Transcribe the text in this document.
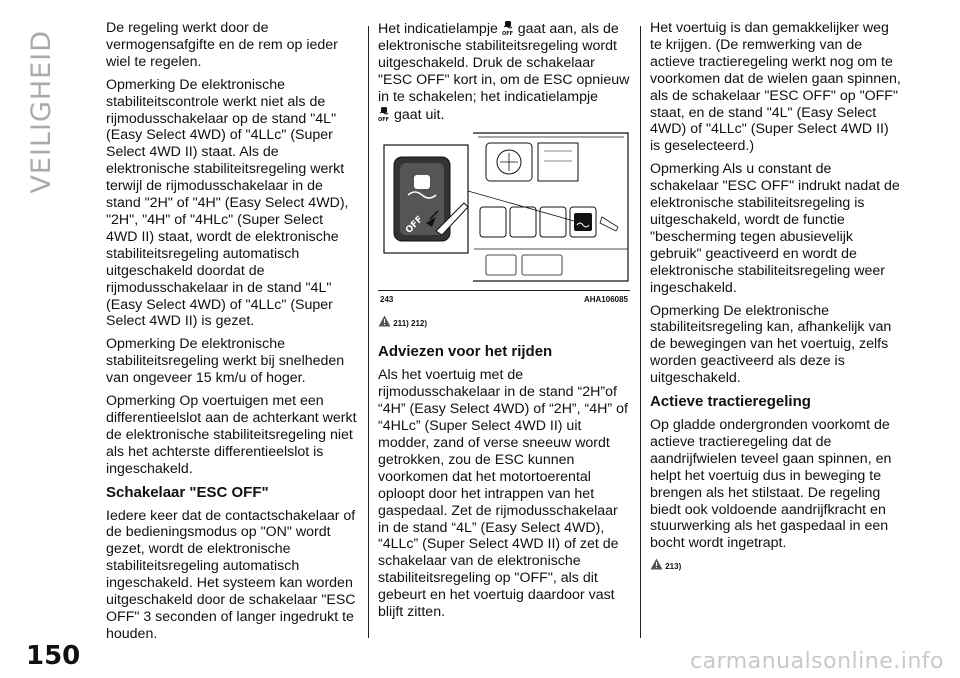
VEILIGHEID
150	carmanualsonline.info

De regeling werkt door de vermogensafgifte en de rem op ieder wiel te regelen.

Opmerking De elektronische stabiliteitscontrole werkt niet als de rijmodusschakelaar op de stand "4L" (Easy Select 4WD) of "4LLc" (Super Select 4WD II) staat. Als de elektronische stabiliteitsregeling werkt terwijl de rijmodusschakelaar in de stand "2H" of "4H" (Easy Select 4WD), "2H", "4H" of "4HLc" (Super Select 4WD II) staat, wordt de elektronische stabiliteitsregeling automatisch uitgeschakeld doordat de rijmodusschakelaar in de stand "4L" (Easy Select 4WD) of "4LLc" (Super Select 4WD II) is gezet.

Opmerking De elektronische stabiliteitsregeling werkt bij snelheden van ongeveer 15 km/u of hoger.

Opmerking Op voertuigen met een differentieelslot aan de achterkant werkt de elektronische stabiliteitsregeling niet als het achterste differentieelslot is ingeschakeld.

Schakelaar "ESC OFF"

Iedere keer dat de contactschakelaar of de bedieningsmodus op "ON" wordt gezet, wordt de elektronische stabiliteitsregeling automatisch ingeschakeld. Het systeem kan worden uitgeschakeld door de schakelaar "ESC OFF" 3 seconden of langer ingedrukt te houden.

Het indicatielampje OFF gaat aan, als de elektronische stabiliteitsregeling wordt uitgeschakeld. Druk de schakelaar "ESC OFF" kort in, om de ESC opnieuw in te schakelen; het indicatielampje

OFF gaat uit.

OFF
243	AHA106085
211) 212)
Adviezen voor het rijden

Als het voertuig met de rijmodusschakelaar in de stand “2H”of “4H” (Easy Select 4WD) of “2H”, “4H” of “4HLc” (Super Select 4WD II) uit modder, zand of verse sneeuw wordt getrokken, zou de ESC kunnen voorkomen dat het motortoerental oploopt door het intrappen van het gaspedaal. Zet de rijmodusschakelaar in de stand “4L” (Easy Select 4WD), “4LLc” (Super Select 4WD II) of zet de schakelaar van de elektronische stabiliteitsregeling op "OFF", als dit gebeurt en het voertuig daardoor vast blijft zitten.

Het voertuig is dan gemakkelijker weg te krijgen. (De remwerking van de actieve tractieregeling werkt nog om te voorkomen dat de wielen gaan spinnen, als de schakelaar "ESC OFF" op "OFF" staat, en de stand "4L" (Easy Select 4WD) of "4LLc" (Super Select 4WD II) is geselecteerd.)

Opmerking Als u constant de schakelaar "ESC OFF" indrukt nadat de elektronische stabiliteitsregeling is uitgeschakeld, wordt de functie "bescherming tegen abusievelijk gebruik" geactiveerd en wordt de elektronische stabiliteitsregeling weer ingeschakeld.

Opmerking De elektronische stabiliteitsregeling kan, afhankelijk van de bewegingen van het voertuig, zelfs worden geactiveerd als deze is uitgeschakeld.

Actieve tractieregeling

Op gladde ondergronden voorkomt de actieve tractieregeling dat de aandrijfwielen teveel gaan spinnen, en helpt het voertuig dus in beweging te brengen als het stilstaat. De regeling biedt ook voldoende aandrijfkracht en stuurwerking als het gaspedaal in een bocht wordt ingetrapt.

213)
